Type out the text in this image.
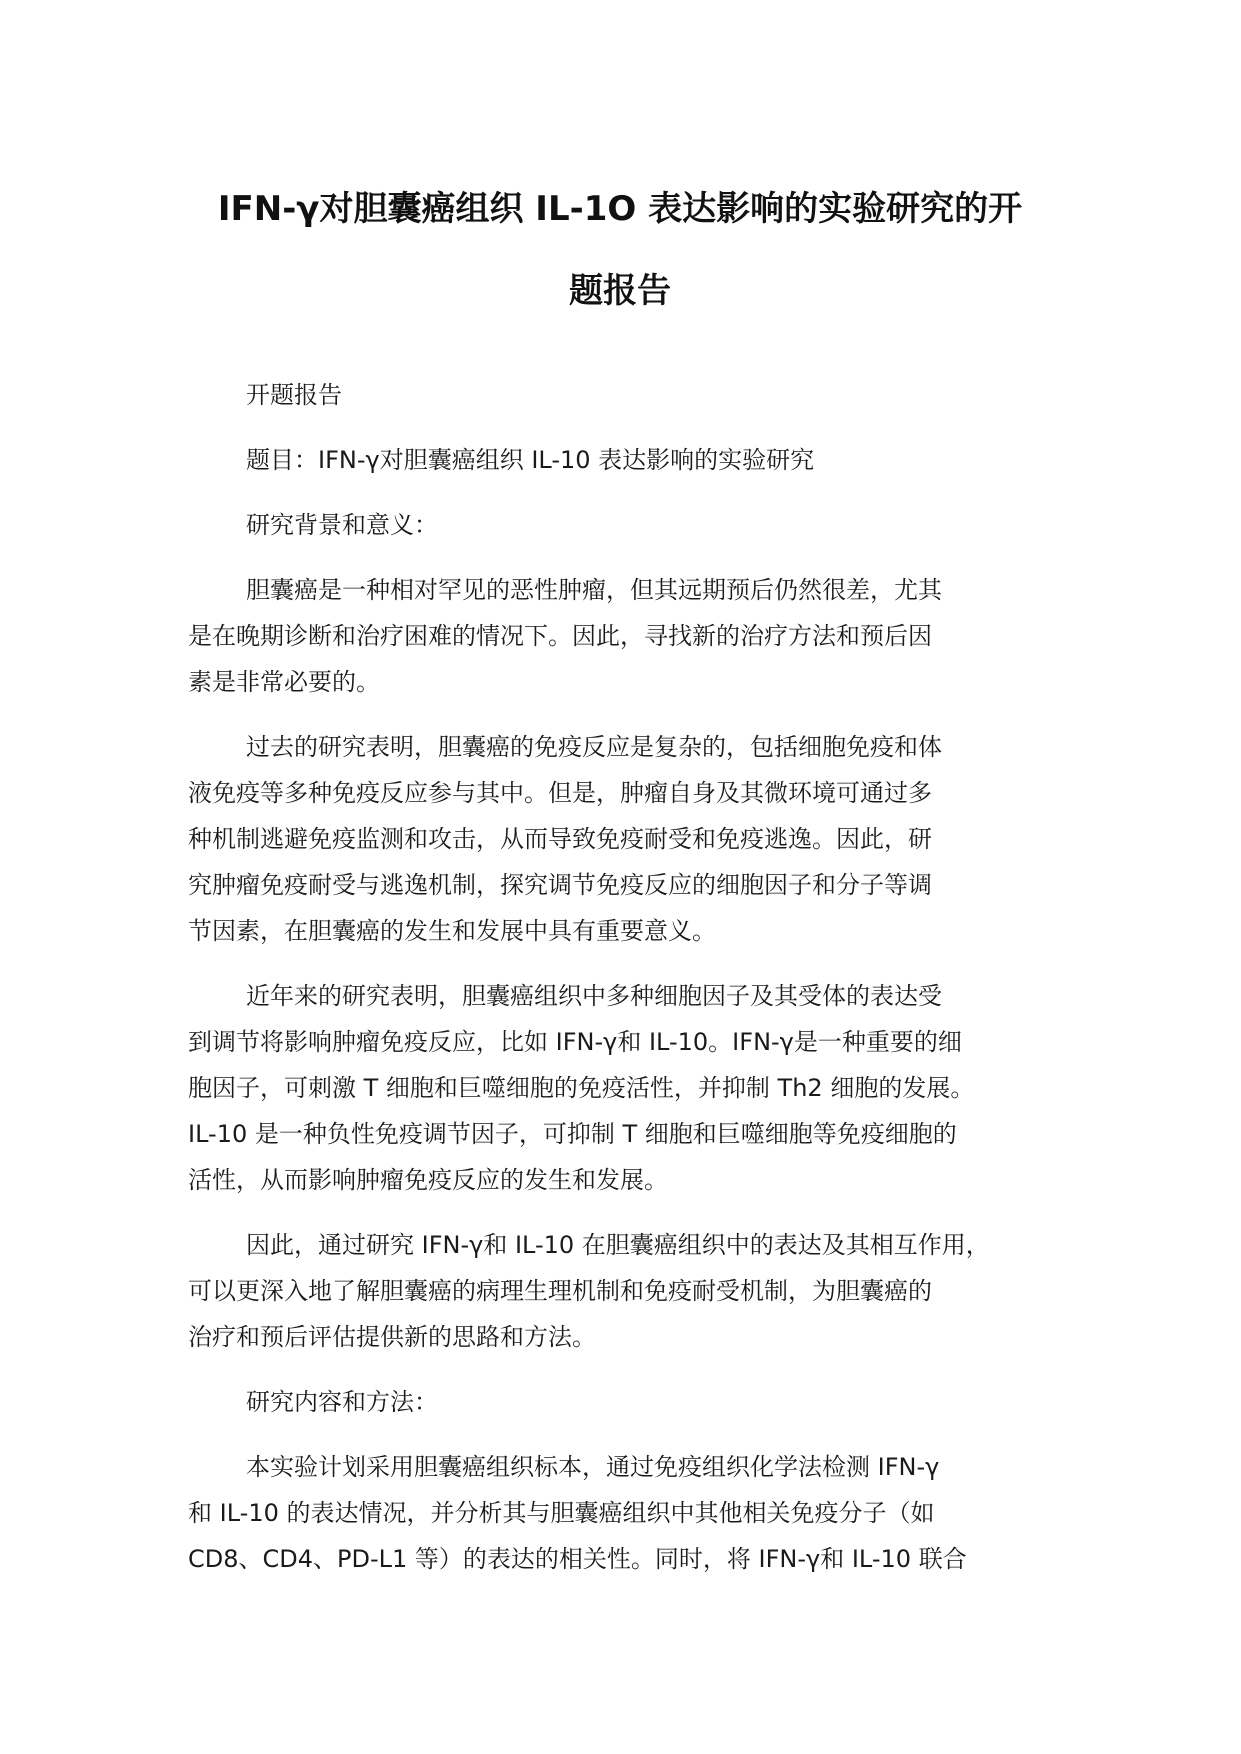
IFN-γ对胆囊癌组织 IL-1O 表达影响的实验研究的开
题报告
开题报告
题目：IFN-γ对胆囊癌组织 IL-10 表达影响的实验研究
研究背景和意义：
胆囊癌是一种相对罕见的恶性肿瘤，但其远期预后仍然很差，尤其
是在晚期诊断和治疗困难的情况下。因此，寻找新的治疗方法和预后因
素是非常必要的。
过去的研究表明，胆囊癌的免疫反应是复杂的，包括细胞免疫和体
液免疫等多种免疫反应参与其中。但是，肿瘤自身及其微环境可通过多
种机制逃避免疫监测和攻击，从而导致免疫耐受和免疫逃逸。因此，研
究肿瘤免疫耐受与逃逸机制，探究调节免疫反应的细胞因子和分子等调
节因素，在胆囊癌的发生和发展中具有重要意义。
近年来的研究表明，胆囊癌组织中多种细胞因子及其受体的表达受
到调节将影响肿瘤免疫反应，比如 IFN-γ和 IL-10。IFN-γ是一种重要的细
胞因子，可刺激 T 细胞和巨噬细胞的免疫活性，并抑制 Th2 细胞的发展。
IL-10 是一种负性免疫调节因子，可抑制 T 细胞和巨噬细胞等免疫细胞的
活性，从而影响肿瘤免疫反应的发生和发展。
因此，通过研究 IFN-γ和 IL-10 在胆囊癌组织中的表达及其相互作用，
可以更深入地了解胆囊癌的病理生理机制和免疫耐受机制，为胆囊癌的
治疗和预后评估提供新的思路和方法。
研究内容和方法：
本实验计划采用胆囊癌组织标本，通过免疫组织化学法检测 IFN-γ
和 IL-10 的表达情况，并分析其与胆囊癌组织中其他相关免疫分子（如
CD8、CD4、PD-L1 等）的表达的相关性。同时，将 IFN-γ和 IL-10 联合
